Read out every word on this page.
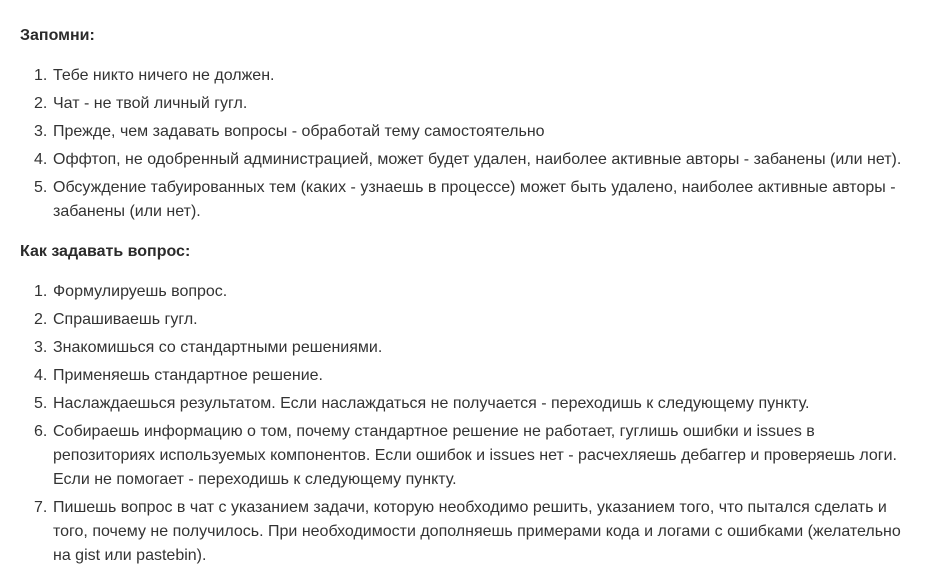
Запомни:

1. Тебе никто ничего не должен.
2. Чат - не твой личный гугл.
3. Прежде, чем задавать вопросы - обработай тему самостоятельно
4. Оффтоп, не одобренный администрацией, может будет удален, наиболее активные авторы - забанены (или нет).
5. Обсуждение табуированных тем (каких - узнаешь в процессе) может быть удалено, наиболее активные авторы - забанены (или нет).

Как задавать вопрос:

1. Формулируешь вопрос.
2. Спрашиваешь гугл.
3. Знакомишься со стандартными решениями.
4. Применяешь стандартное решение.
5. Наслаждаешься результатом. Если наслаждаться не получается - переходишь к следующему пункту.
6. Собираешь информацию о том, почему стандартное решение не работает, гуглишь ошибки и issues в репозиториях используемых компонентов. Если ошибок и issues нет - расчехляешь дебаггер и проверяешь логи. Если не помогает - переходишь к следующему пункту.
7. Пишешь вопрос в чат с указанием задачи, которую необходимо решить, указанием того, что пытался сделать и того, почему не получилось. При необходимости дополняешь примерами кода и логами с ошибками (желательно на gist или pastebin).
